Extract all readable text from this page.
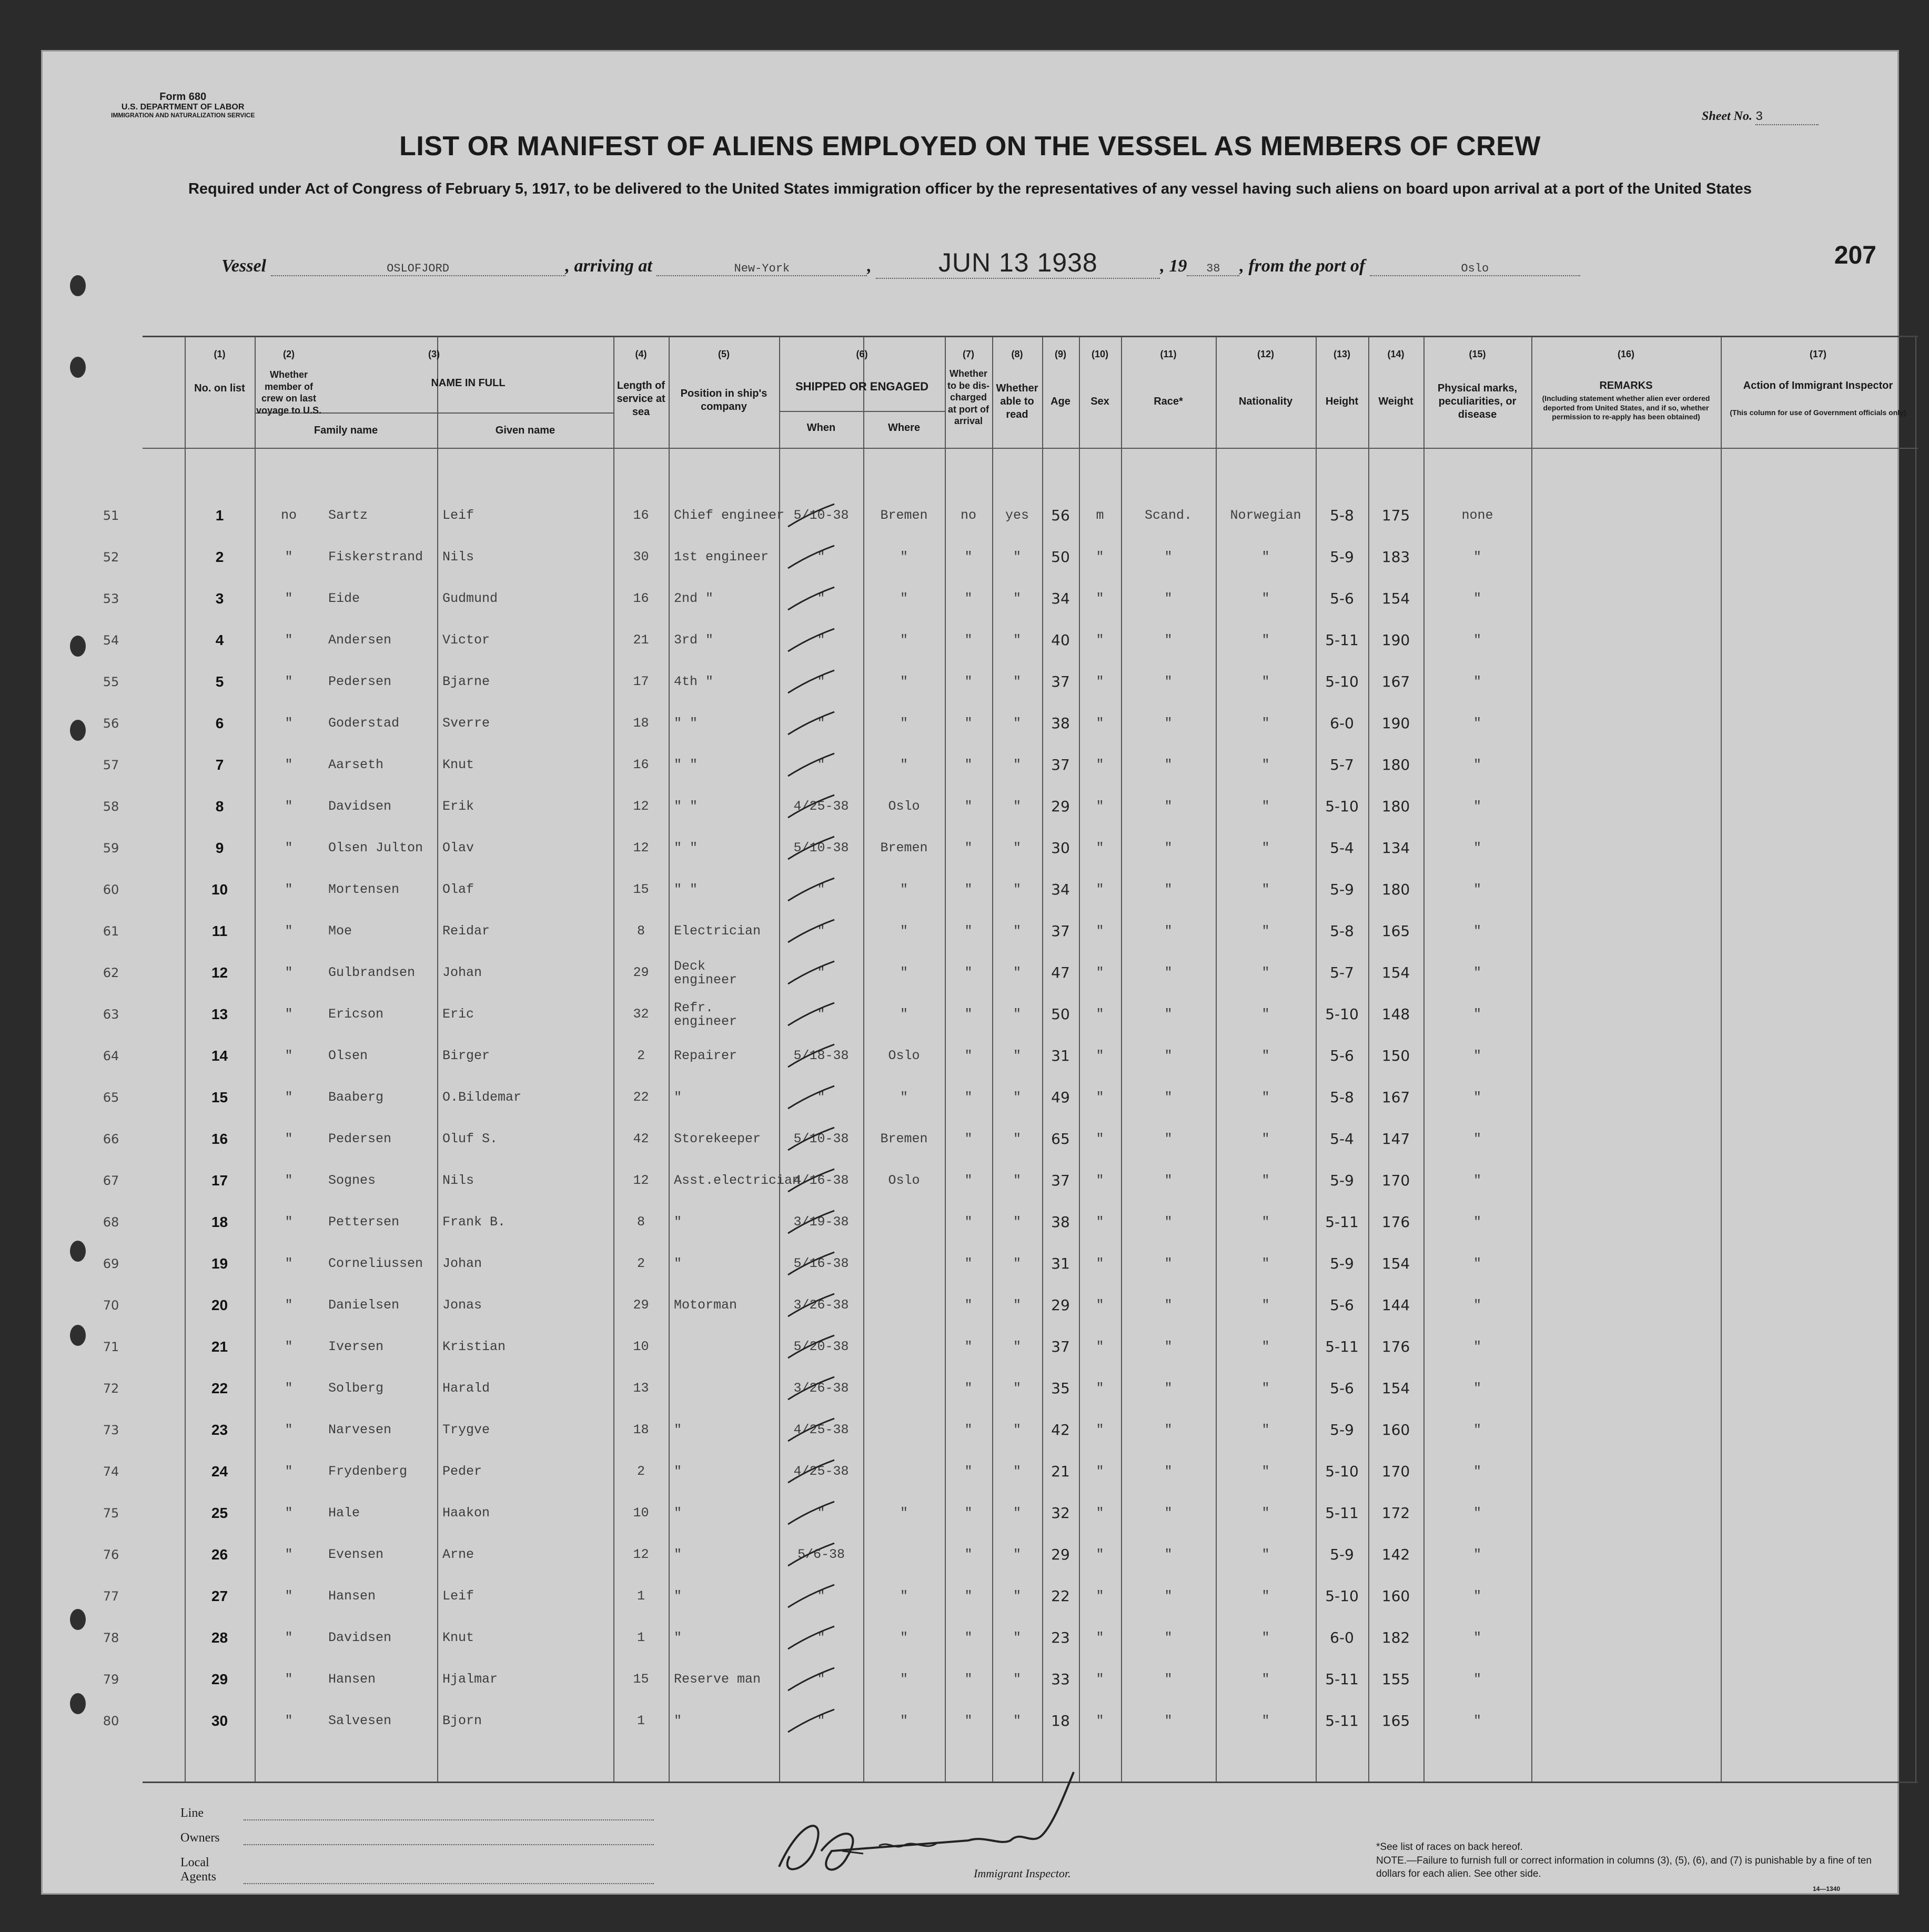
Form 680
U.S. DEPARTMENT OF LABOR
IMMIGRATION AND NATURALIZATION SERVICE	Sheet No. 3
LIST OR MANIFEST OF ALIENS EMPLOYED ON THE VESSEL AS MEMBERS OF CREW
Required under Act of Congress of February 5, 1917, to be delivered to the United States immigration officer by the representatives of any vessel having such aliens on board upon arrival at a port of the United States
Vessel	OSLOFJORD	, arriving at	New-York	, JUN 13 1938	, 19 38 , from the port of	Oslo	207
(1)	(2)	(3)	(4)	(5)	(6)	(7)	(8)	(9)	(10)	(11)	(12)	(13)	(14)	(15)	(16)	(17)
No. on list
Whether member of crew on last voyage to U.S.
NAME IN FULL
Family name	Given name
Length of service at sea
Position in ship's company
SHIPPED OR ENGAGED
When	Where
Whether to be dis-charged at port of arrival
Whether able to read
Age	Sex	Race*	Nationality	Height	Weight
Physical marks, peculiarities, or disease
REMARKS
(Including statement whether alien ever ordered deported from United States, and if so, whether permission to re-apply has been obtained)
Action of Immigrant Inspector
(This column for use of Government officials only)
51	1	no	Sartz	Leif	16	Chief engineer 5/10-38	Bremen	no	yes	56	m	Scand.	Norwegian	5-8	175	none
52	2	"	Fiskerstrand	Nils	30	1st engineer	"	"	"	"	50	"	"	"	5-9	183	"
53	3	"	Eide	Gudmund	16	2nd "	"	"	"	"	34	"	"	"	5-6	154	"
54	4	"	Andersen	Victor	21	3rd "	"	"	"	"	40	"	"	"	5-11	190	"
55	5	"	Pedersen	Bjarne	17	4th "	"	"	"	"	37	"	"	"	5-10	167	"
56	6	"	Goderstad	Sverre	18	" "	"	"	"	"	38	"	"	"	6-0	190	"
57	7	"	Aarseth	Knut	16	" "	"	"	"	"	37	"	"	"	5-7	180	"
58	8	"	Davidsen	Erik	12	" "	4/25-38	Oslo	"	"	29	"	"	"	5-10	180	"
59	9	"	Olsen Julton	Olav	12	" "	5/10-38	Bremen	"	"	30	"	"	"	5-4	134	"
60	10	"	Mortensen	Olaf	15	" "	"	"	"	"	34	"	"	"	5-9	180	"
61	11	"	Moe	Reidar	8	Electrician	"	"	"	"	37	"	"	"	5-8	165	"
62	12	"	Gulbrandsen	Johan	29	Deck
engineer	"	"	"	"	47	"	"	"	5-7	154	"
63	13	"	Ericson	Eric	32	Refr.
engineer	"	"	"	"	50	"	"	"	5-10	148	"
64	14	"	Olsen	Birger	2	Repairer	5/18-38	Oslo	"	"	31	"	"	"	5-6	150	"
65	15	"	Baaberg	O.Bildemar	22	"	"	"	"	"	49	"	"	"	5-8	167	"
66	16	"	Pedersen	Oluf S.	42	Storekeeper	5/10-38	Bremen	"	"	65	"	"	"	5-4	147	"
67	17	"	Sognes	Nils	12	Asst.electrician
4/16-38	Oslo	"	"	37	"	"	"	5-9	170	"
68	18	"	Pettersen	Frank B.	8	"	3/19-38	"	"	38	"	"	"	5-11	176	"
69	19	"	Corneliussen	Johan	2	"	5/16-38	"	"	31	"	"	"	5-9	154	"
70	20	"	Danielsen	Jonas	29	Motorman	3/26-38	"	"	29	"	"	"	5-6	144	"
71	21	"	Iversen	Kristian	10	5/20-38	"	"	37	"	"	"	5-11	176	"
72	22	"	Solberg	Harald	13	3/26-38	"	"	35	"	"	"	5-6	154	"
73	23	"	Narvesen	Trygve	18	"	4/25-38	"	"	42	"	"	"	5-9	160	"
74	24	"	Frydenberg	Peder	2	"	4/25-38	"	"	21	"	"	"	5-10	170	"
75	25	"	Hale	Haakon	10	"	"	"	"	"	32	"	"	"	5-11	172	"
76	26	"	Evensen	Arne	12	"	5/6-38	"	"	29	"	"	"	5-9	142	"
77	27	"	Hansen	Leif	1	"	"	"	"	"	22	"	"	"	5-10	160	"
78	28	"	Davidsen	Knut	1	"	"	"	"	"	23	"	"	"	6-0	182	"
79	29	"	Hansen	Hjalmar	15	Reserve man	"	"	"	"	33	"	"	"	5-11	155	"
80	30	"	Salvesen	Bjorn	1	"	"	"	"	"	18	"	"	"	5-11	165	"
Line
Owners
Local Agents	Immigrant Inspector.
*See list of races on back hereof.
NOTE.—Failure to furnish full or correct information in columns (3), (5), (6), and (7) is punishable by a fine of ten dollars for each alien. See other side.
14—1340
